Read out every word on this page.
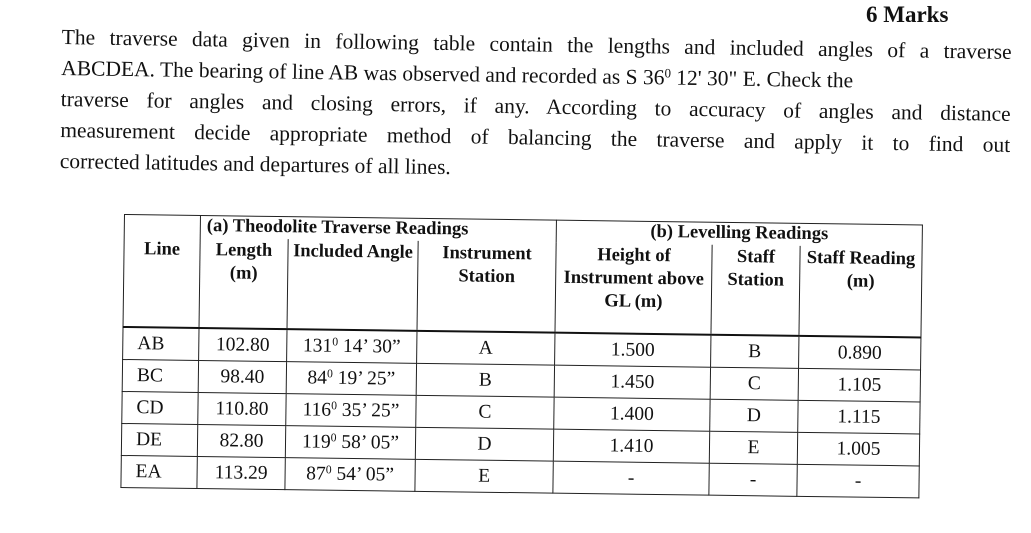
6 Marks
The traverse data given in following table contain the lengths and included angles of a traverse
ABCDEA. The bearing of line AB was observed and recorded as S $36^0$ 12' 30" E. Check the
traverse for angles and closing errors, if any. According to accuracy of angles and distance
measurement decide appropriate method of balancing the traverse and apply it to find out
corrected latitudes and departures of all lines.
	(a) Theodolite Traverse Readings			(b) Levelling Readings		
Line	Length (m)	Included Angle	Instrument Station	Height of Instrument above GL (m)	Staff Station	Staff Reading (m)
AB	102.80	$131^0$ 14’ 30”	A	1.500	B	0.890
BC	98.40	$84^0$ 19’ 25”	B	1.450	C	1.105
CD	110.80	$116^0$ 35’ 25”	C	1.400	D	1.115
DE	82.80	$119^0$ 58’ 05”	D	1.410	E	1.005
EA	113.29	$87^0$ 54’ 05”	E	-	-	-
